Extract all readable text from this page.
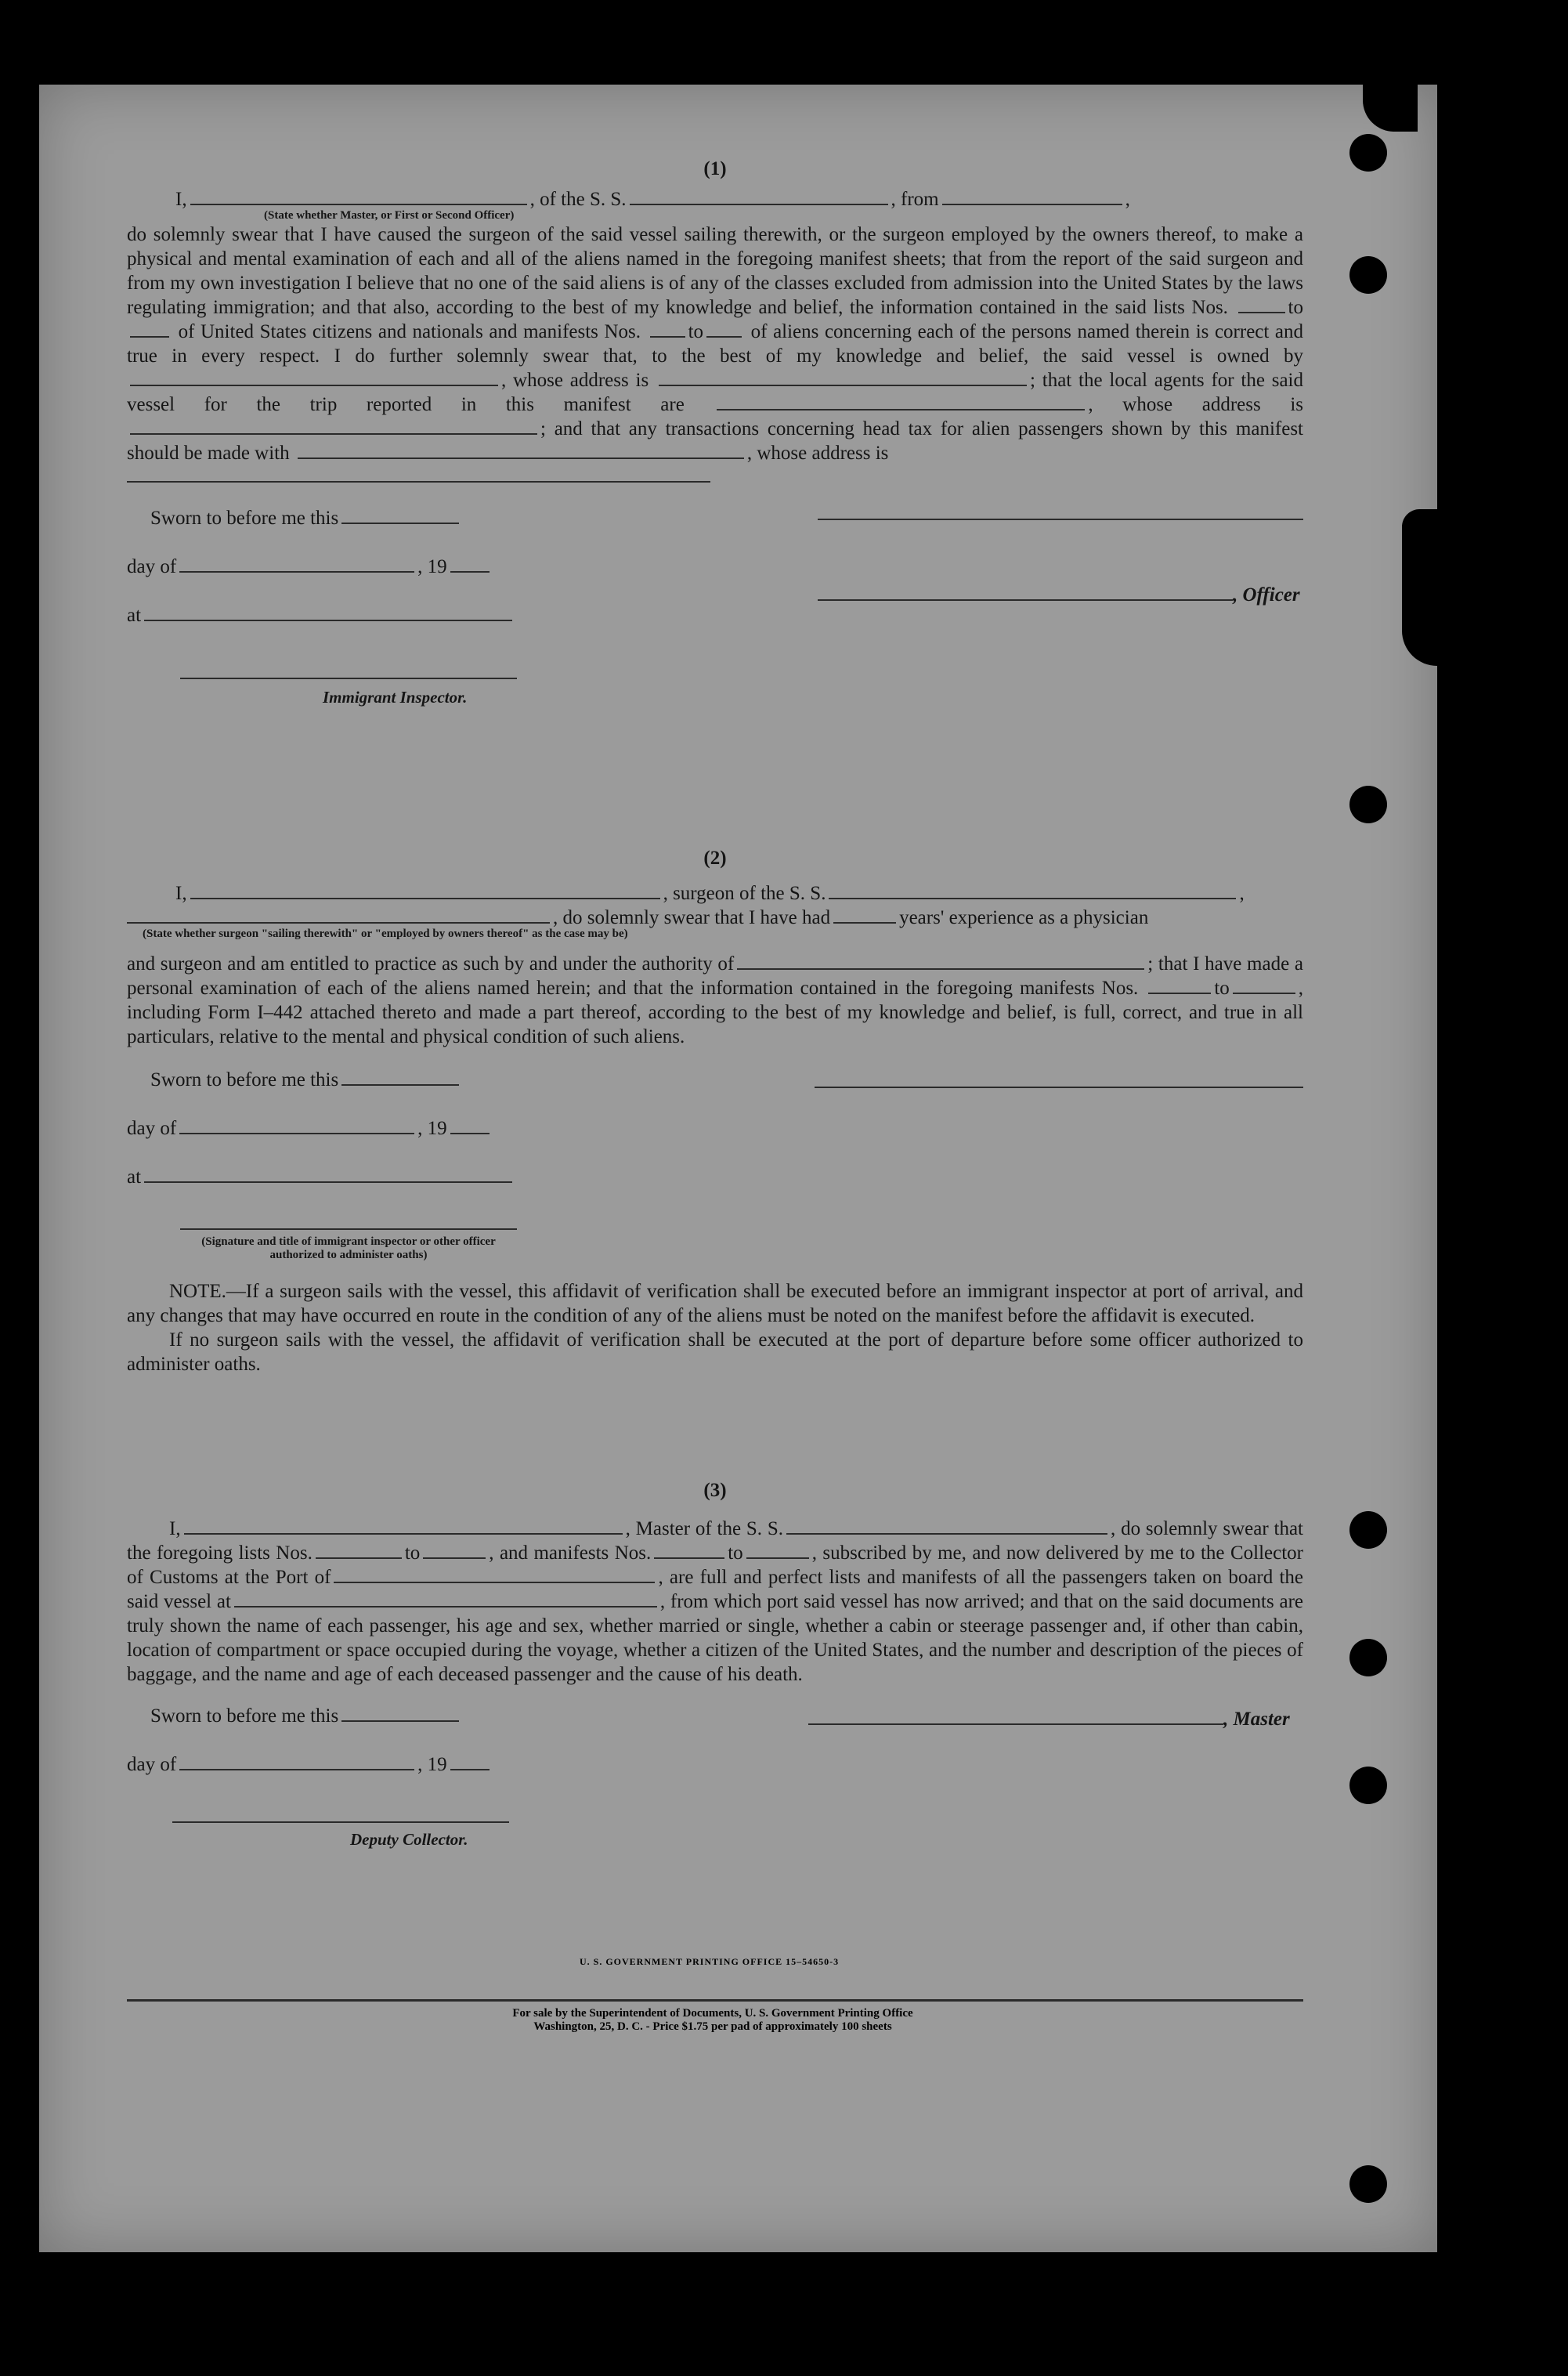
(1)

I,	, of the S. S.	, from	,

(State whether Master, or First or Second Officer)

do solemnly swear that I have caused the surgeon of the said vessel sailing therewith, or the surgeon employed by the owners thereof, to make a physical and mental examination of each and all of the aliens named in the foregoing manifest sheets; that from the report of the said surgeon and from my own investigation I believe that no one of the said aliens is of any of the classes excluded from admission into the United States by the laws regulating immigration; and that also, according to the best of my knowledge and belief, the information contained in the said lists Nos.	to of United States citizens and nationals and manifests Nos. to of aliens concerning each of the persons named therein is correct and true in every respect. I do further solemnly swear that, to the best of my knowledge and belief, the said vessel is owned by , whose address is	; that the local agents for the said vessel for the trip reported in this manifest are	, whose address is ; and that any transactions concerning head tax for alien passengers shown by this manifest should be made with	, whose address is

Sworn to before me this
day of	, 19
at
Immigrant Inspector.
, Officer
(2)

I,	, surgeon of the S. S.	,

, do solemnly swear that I have had	years' experience as a physician

(State whether surgeon "sailing therewith" or "employed by owners thereof" as the case may be)

and surgeon and am entitled to practice as such by and under the authority of	; that I have made a personal examination of each of the aliens named herein; and that the information contained in the foregoing manifests Nos.	to	, including Form I–442 attached thereto and made a part thereof, according to the best of my knowledge and belief, is full, correct, and true in all particulars, relative to the mental and physical condition of such aliens.

Sworn to before me this
day of	, 19
at
(Signature and title of immigrant inspector or other officer authorized to administer oaths)

NOTE.—If a surgeon sails with the vessel, this affidavit of verification shall be executed before an immigrant inspector at port of arrival, and any changes that may have occurred en route in the condition of any of the aliens must be noted on the manifest before the affidavit is executed.

If no surgeon sails with the vessel, the affidavit of verification shall be executed at the port of departure before some officer authorized to administer oaths.

(3)

I,	, Master of the S. S.	, do solemnly swear that the foregoing lists Nos.	to	, and manifests Nos.	to	, subscribed by me, and now delivered by me to the Collector of Customs at the Port of	, are full and perfect lists and manifests of all the passengers taken on board the said vessel at	, from which port said vessel has now arrived; and that on the said documents are truly shown the name of each passenger, his age and sex, whether married or single, whether a cabin or steerage passenger and, if other than cabin, location of compartment or space occupied during the voyage, whether a citizen of the United States, and the number and description of the pieces of baggage, and the name and age of each deceased passenger and the cause of his death.

Sworn to before me this
day of	, 19
Deputy Collector.
, Master
U. S. GOVERNMENT PRINTING OFFICE 15–54650-3
For sale by the Superintendent of Documents, U. S. Government Printing Office
Washington, 25, D. C. - Price $1.75 per pad of approximately 100 sheets
